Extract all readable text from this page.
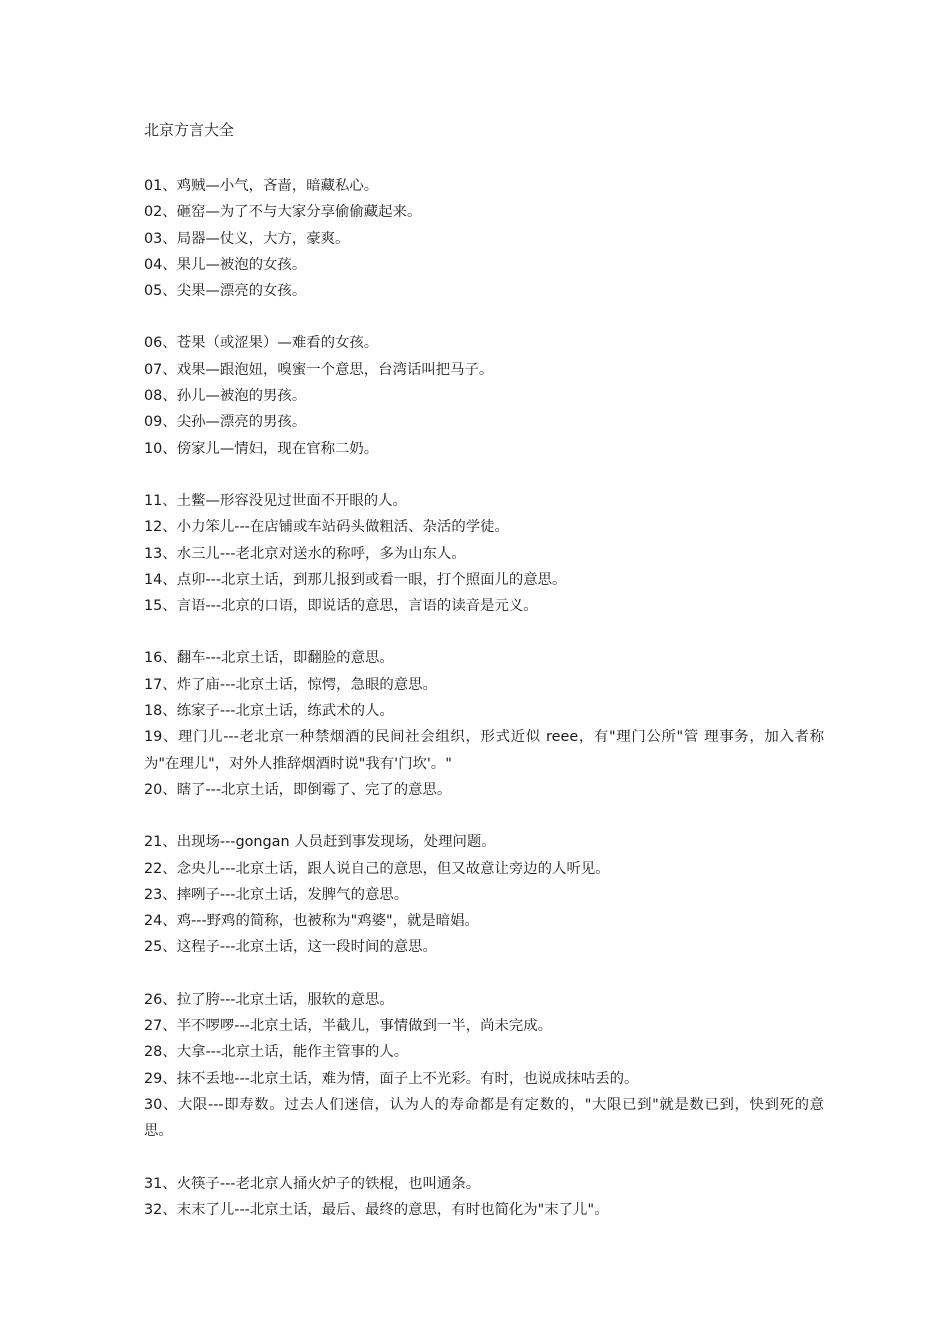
北京方言大全
01、鸡贼—小气，吝啬，暗藏私心。
02、砸窑—为了不与大家分享偷偷藏起来。
03、局器—仗义，大方，豪爽。
04、果儿—被泡的女孩。
05、尖果—漂亮的女孩。
06、苍果（或涩果）—难看的女孩。
07、戏果—跟泡妞，嗅蜜一个意思，台湾话叫把马子。
08、孙儿—被泡的男孩。
09、尖孙—漂亮的男孩。
10、傍家儿—情妇，现在官称二奶。
11、土鳖—形容没见过世面不开眼的人。
12、小力笨儿---在店铺或车站码头做粗活、杂活的学徒。
13、水三儿---老北京对送水的称呼，多为山东人。
14、点卯---北京土话，到那儿报到或看一眼，打个照面儿的意思。
15、言语---北京的口语，即说话的意思，言语的读音是元义。
16、翻车---北京土话，即翻脸的意思。
17、炸了庙---北京土话，惊愕，急眼的意思。
18、练家子---北京土话，练武术的人。
19、理门儿---老北京一种禁烟酒的民间社会组织，形式近似 reee，有"理门公所"管 理事务，加入者称为"在理儿"，对外人推辞烟酒时说"我有'门坎'。"
20、瞎了---北京土话，即倒霉了、完了的意思。
21、出现场---gongan 人员赶到事发现场，处理问题。
22、念央儿---北京土话，跟人说自己的意思，但又故意让旁边的人听见。
23、摔咧子---北京土话，发脾气的意思。
24、鸡---野鸡的简称，也被称为"鸡婆"，就是暗娼。
25、这程子---北京土话，这一段时间的意思。
26、拉了胯---北京土话，服软的意思。
27、半不啰啰---北京土话，半截儿，事情做到一半，尚未完成。
28、大拿---北京土话，能作主管事的人。
29、抹不丢地---北京土话，难为情，面子上不光彩。有时，也说成抹咕丢的。
30、大限---即寿数。过去人们迷信，认为人的寿命都是有定数的，"大限已到"就是数已到，快到死的意思。
31、火筷子---老北京人捅火炉子的铁棍，也叫通条。
32、末末了儿---北京土话，最后、最终的意思，有时也简化为"末了儿"。
